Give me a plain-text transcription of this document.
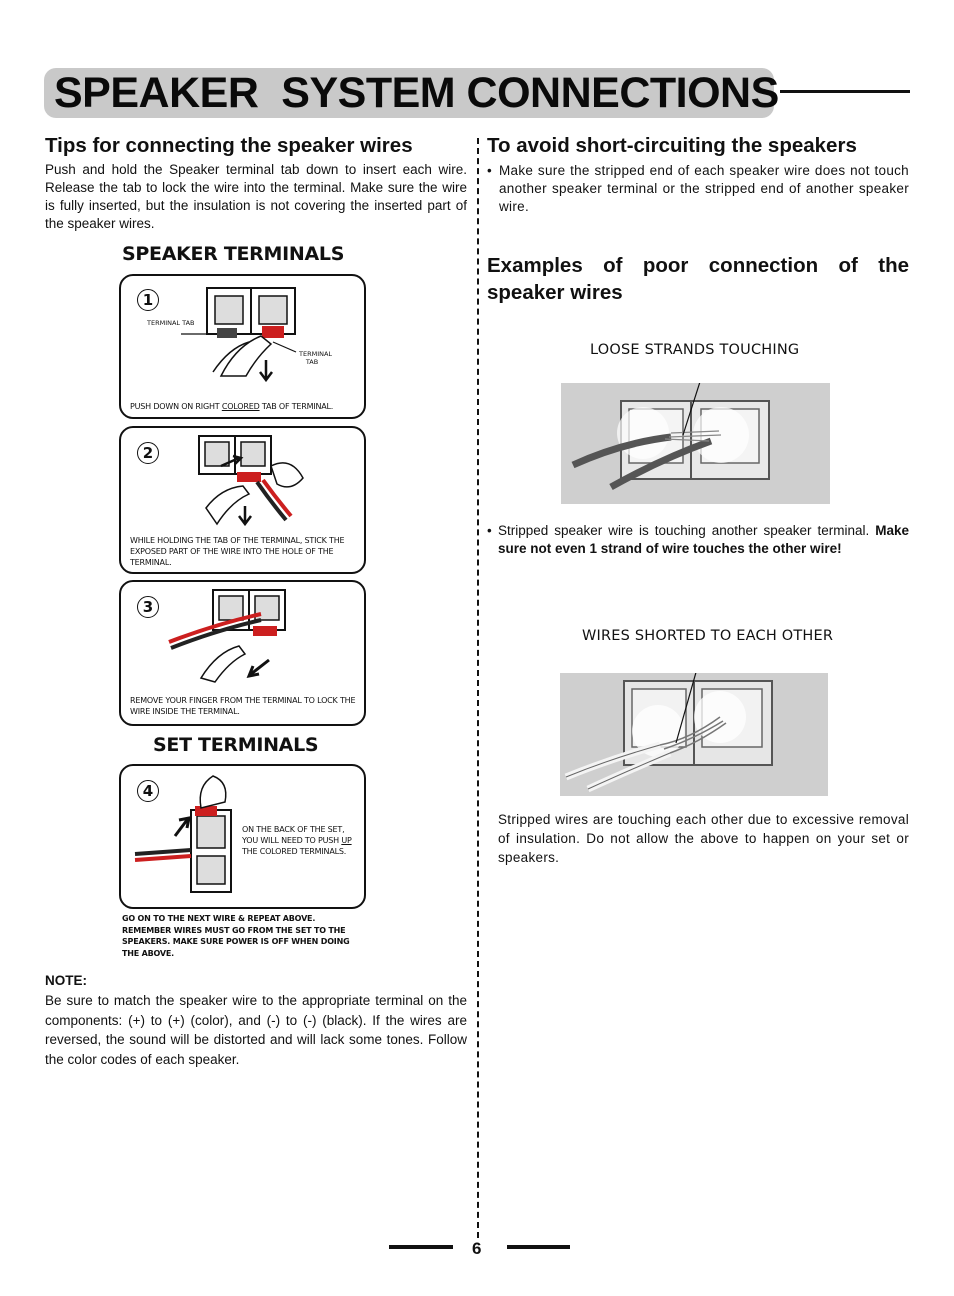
SPEAKER  SYSTEM CONNECTIONS
Tips for connecting the speaker wires
Push and hold the Speaker terminal tab down to insert each wire. Release the tab to lock the wire into the terminal. Make sure the wire is fully inserted, but the insulation is not covering the inserted part of the speaker wires.
SPEAKER TERMINALS
1
TERMINAL TAB
TERMINAL TAB
PUSH DOWN ON RIGHT COLORED TAB OF TERMINAL.
2
WHILE HOLDING THE TAB OF THE TERMINAL, STICK THE EXPOSED PART OF THE WIRE INTO THE HOLE OF THE TERMINAL.
3
REMOVE YOUR FINGER FROM THE TERMINAL TO LOCK THE WIRE INSIDE THE TERMINAL.
SET TERMINALS
4
ON THE BACK OF THE SET, YOU WILL NEED TO PUSH UP THE COLORED TERMINALS.
GO ON TO THE NEXT WIRE & REPEAT ABOVE. REMEMBER WIRES MUST GO FROM THE SET TO THE SPEAKERS. MAKE SURE POWER IS OFF WHEN DOING THE ABOVE.
NOTE:
Be sure to match the speaker wire to the appropriate terminal on the components: (+) to (+) (color), and (-) to (-) (black). If the wires are reversed, the sound will be distorted and will lack some tones. Follow the color codes of each speaker.
To avoid short-circuiting the speakers
• Make sure the stripped end of each speaker wire does not touch another speaker terminal or the stripped end of another speaker wire.
Examples of poor connection of the speaker wires
LOOSE STRANDS TOUCHING
• Stripped speaker wire is touching another speaker terminal. Make sure not even 1 strand of wire touches the other wire!
WIRES SHORTED TO EACH OTHER
Stripped wires are touching each other due to excessive removal of insulation. Do not allow the above to happen on your set or speakers.
6
